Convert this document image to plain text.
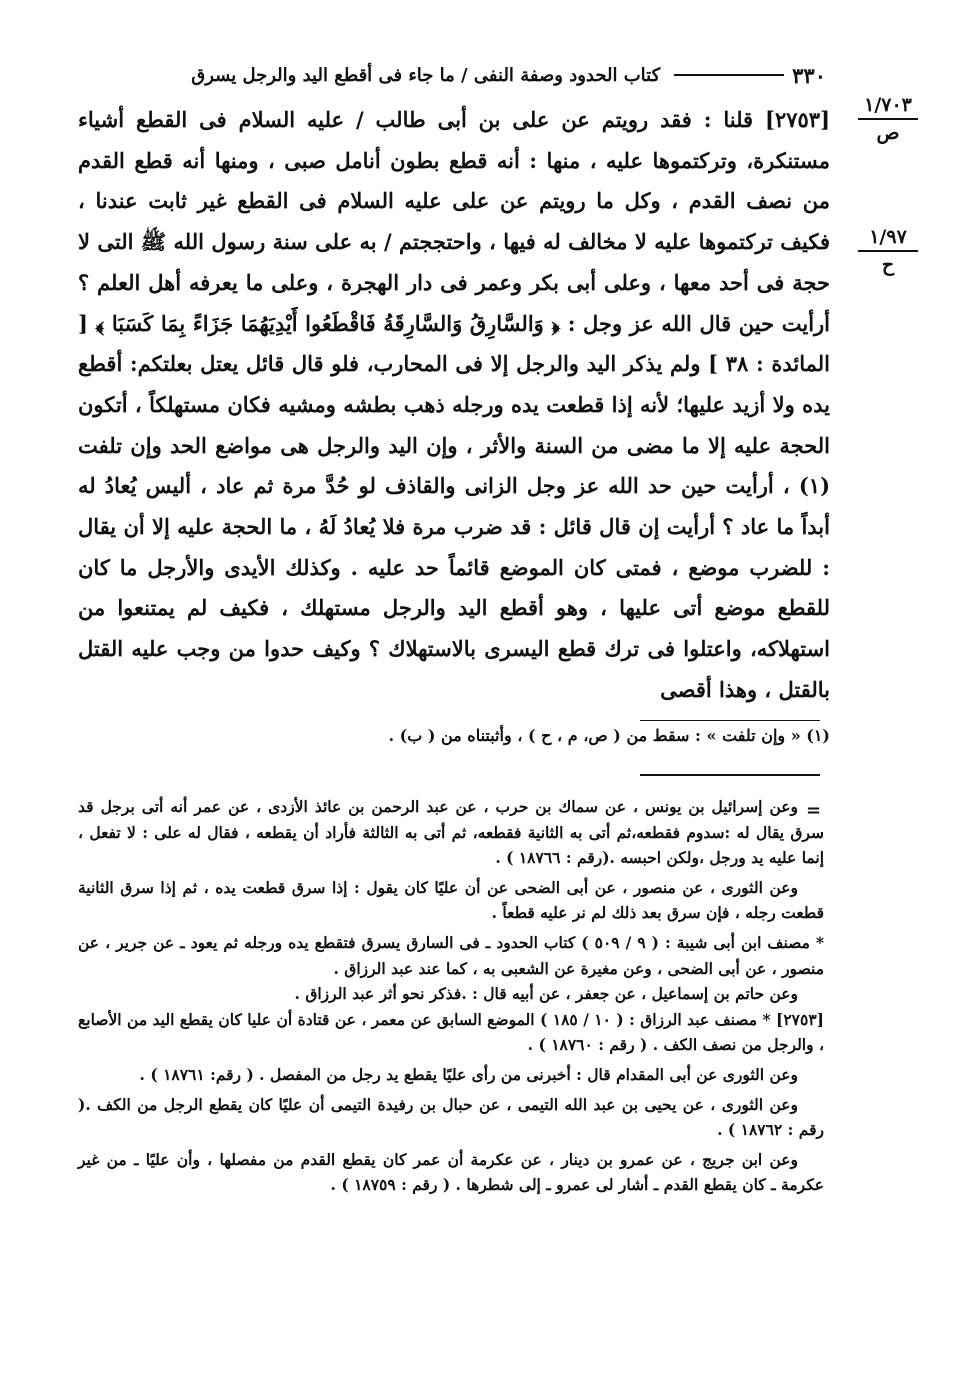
٣٣٠
كتاب الحدود وصفة النفى / ما جاء فى أقطع اليد والرجل يسرق
١/٧٠٣
ص
١/٩٧
ح

[٢٧٥٣] قلنا : فقد رويتم عن على بن أبى طالب / عليه السلام فى القطع أشياء مستنكرة، وتركتموها عليه ، منها : أنه قطع بطون أنامل صبى ، ومنها أنه قطع القدم من نصف القدم ، وكل ما رويتم عن على عليه السلام فى القطع غير ثابت عندنا ، فكيف تركتموها عليه لا مخالف له فيها ، واحتججتم / به على سنة رسول الله ﷺ التى لا حجة فى أحد معها ، وعلى أبى بكر وعمر فى دار الهجرة ، وعلى ما يعرفه أهل العلم ؟ أرأيت حين قال الله عز وجل : ﴿ وَالسَّارِقُ وَالسَّارِقَةُ فَاقْطَعُوا أَيْدِيَهُمَا جَزَاءً بِمَا كَسَبَا ﴾ [ المائدة : ٣٨ ] ولم يذكر اليد والرجل إلا فى المحارب، فلو قال قائل يعتل بعلتكم: أقطع يده ولا أزيد عليها؛ لأنه إذا قطعت يده ورجله ذهب بطشه ومشيه فكان مستهلكاً ، أتكون الحجة عليه إلا ما مضى من السنة والأثر ، وإن اليد والرجل هى مواضع الحد وإن تلفت (١) ، أرأيت حين حد الله عز وجل الزانى والقاذف لو حُدَّ مرة ثم عاد ، أليس يُعادُ له أبداً ما عاد ؟ أرأيت إن قال قائل : قد ضرب مرة فلا يُعادُ لَهُ ، ما الحجة عليه إلا أن يقال : للضرب موضع ، فمتى كان الموضع قائماً حد عليه . وكذلك الأيدى والأرجل ما كان للقطع موضع أتى عليها ، وهو أقطع اليد والرجل مستهلك ، فكيف لم يمتنعوا من استهلاكه، واعتلوا فى ترك قطع اليسرى بالاستهلاك ؟ وكيف حدوا من وجب عليه القتل بالقتل ، وهذا أقصى

(١) « وإن تلفت » : سقط من ( ص، م ، ح ) ، وأثبتناه من ( ب) .
=

وعن إسرائيل بن يونس ، عن سماك بن حرب ، عن عبد الرحمن بن عائذ الأزدى ، عن عمر أنه أتى برجل قد سرق يقال له :سدوم فقطعه،ثم أتى به الثانية فقطعه، ثم أتى به الثالثة فأراد أن يقطعه ، فقال له على : لا تفعل ، إنما عليه يد ورجل ،ولكن احبسه .(رقم : ١٨٧٦٦ ) .

وعن الثورى ، عن منصور ، عن أبى الضحى عن أن عليًا كان يقول : إذا سرق قطعت يده ، ثم إذا سرق الثانية قطعت رجله ، فإن سرق بعد ذلك لم نر عليه قطعاً .

* مصنف ابن أبى شيبة : ( ٩ / ٥٠٩ ) كتاب الحدود ـ فى السارق يسرق فتقطع يده ورجله ثم يعود ـ عن جرير ، عن منصور ، عن أبى الضحى ، وعن مغيرة عن الشعبى به ، كما عند عبد الرزاق .

وعن حاتم بن إسماعيل ، عن جعفر ، عن أبيه قال : .فذكر نحو أثر عبد الرزاق .

[٢٧٥٣] * مصنف عبد الرزاق : ( ١٠ / ١٨٥ ) الموضع السابق عن معمر ، عن قتادة أن عليا كان يقطع اليد من الأصابع ، والرجل من نصف الكف . ( رقم : ١٨٧٦٠ ) .

وعن الثورى عن أبى المقدام قال : أخبرنى من رأى عليًا يقطع يد رجل من المفصل . ( رقم: ١٨٧٦١ ) .

وعن الثورى ، عن يحيى بن عبد الله التيمى ، عن حبال بن رفيدة التيمى أن عليًا كان يقطع الرجل من الكف .( رقم : ١٨٧٦٢ ) .

وعن ابن جريج ، عن عمرو بن دينار ، عن عكرمة أن عمر كان يقطع القدم من مفصلها ، وأن عليًا ـ من غير عكرمة ـ كان يقطع القدم ـ أشار لى عمرو ـ إلى شطرها . ( رقم : ١٨٧٥٩ ) .
